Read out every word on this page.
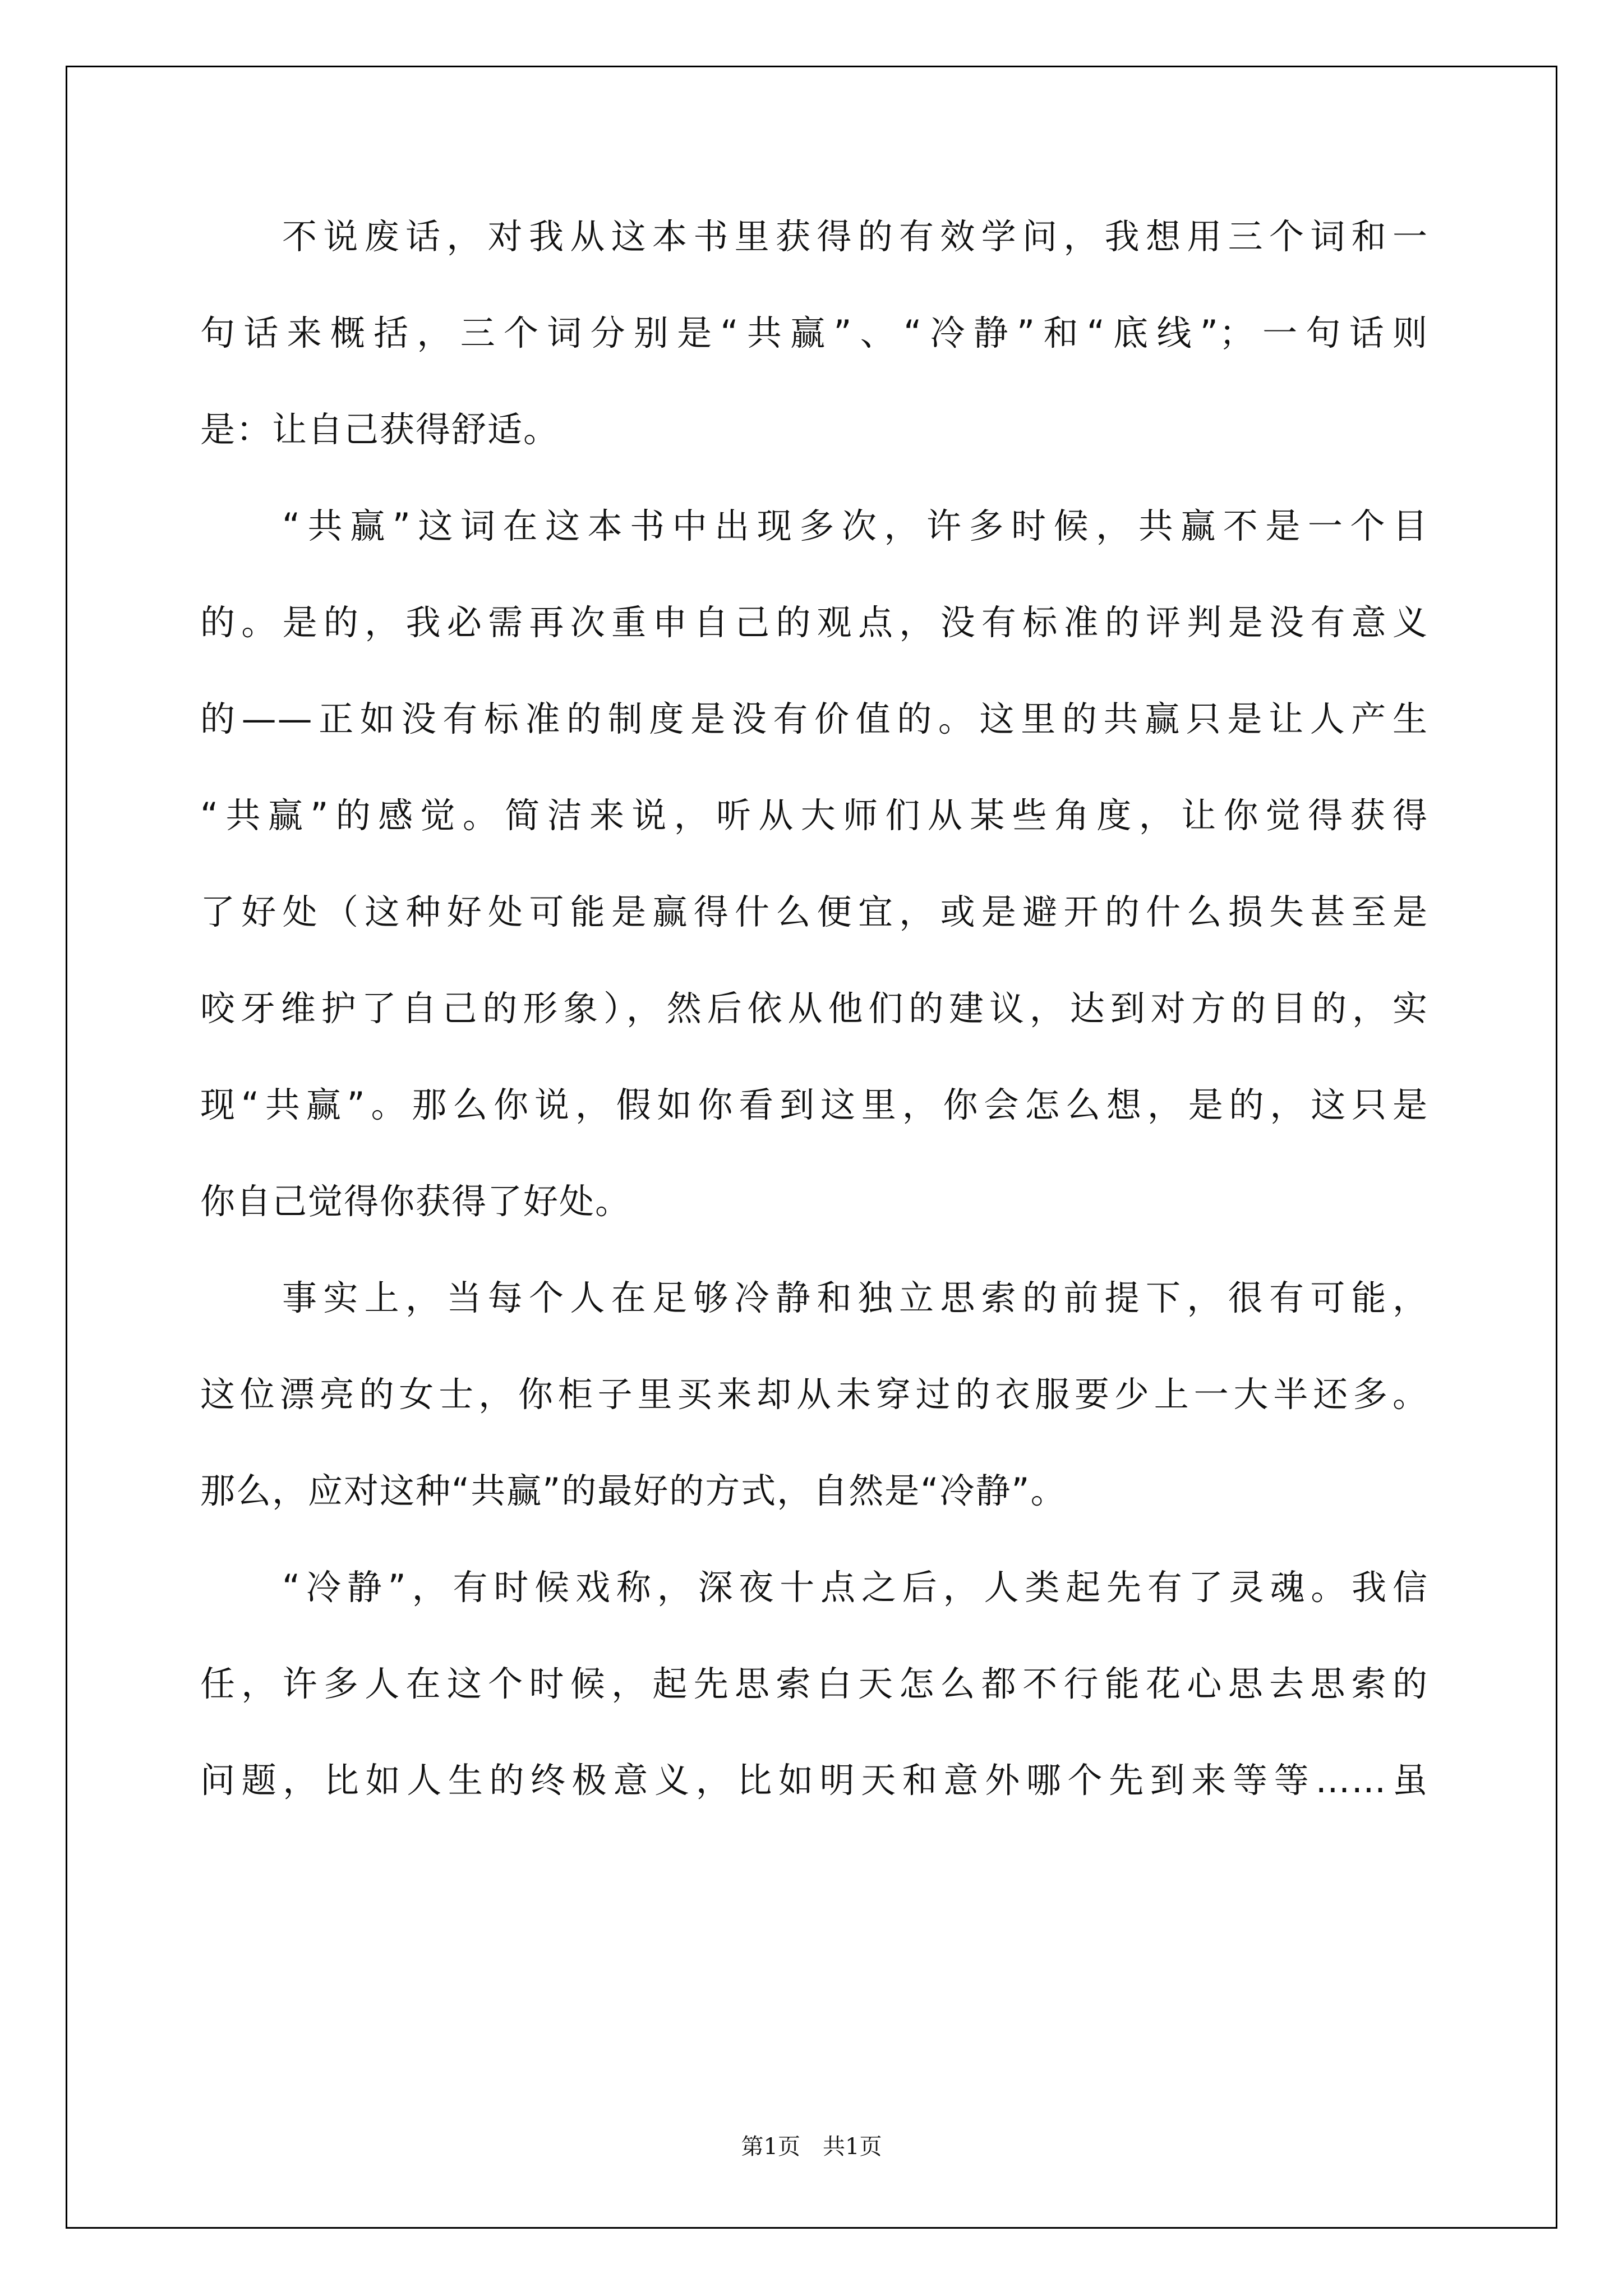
不说废话，对我从这本书里获得的有效学问，我想用三个词和一
句话来概括，三个词分别是“共赢”、“冷静”和“底线”；一句话则
是：让自己获得舒适。
“共赢”这词在这本书中出现多次，许多时候，共赢不是一个目
的。是的，我必需再次重申自己的观点，没有标准的评判是没有意义
的——正如没有标准的制度是没有价值的。这里的共赢只是让人产生
“共赢”的感觉。简洁来说，听从大师们从某些角度，让你觉得获得
了好处（这种好处可能是赢得什么便宜，或是避开的什么损失甚至是
咬牙维护了自己的形象），然后依从他们的建议，达到对方的目的，实
现“共赢”。那么你说，假如你看到这里，你会怎么想，是的，这只是
你自己觉得你获得了好处。
事实上，当每个人在足够冷静和独立思索的前提下，很有可能，
这位漂亮的女士，你柜子里买来却从未穿过的衣服要少上一大半还多。
那么，应对这种“共赢”的最好的方式，自然是“冷静”。
“冷静”，有时候戏称，深夜十点之后，人类起先有了灵魂。我信
任，许多人在这个时候，起先思索白天怎么都不行能花心思去思索的
问题，比如人生的终极意义，比如明天和意外哪个先到来等等……虽
第1页　共1页
